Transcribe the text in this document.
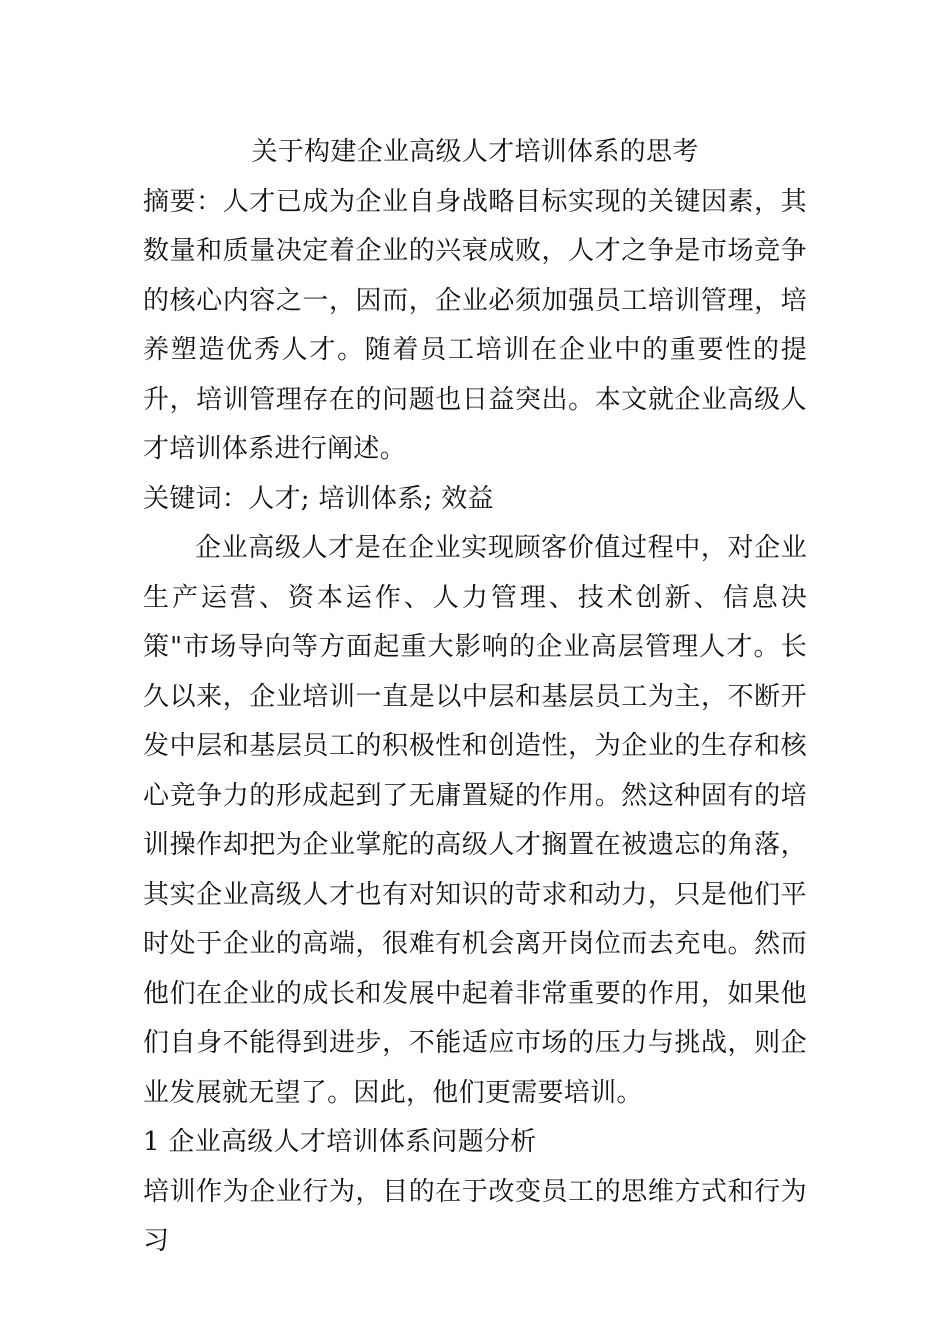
关于构建企业高级人才培训体系的思考

摘要：人才已成为企业自身战略目标实现的关键因素，其数量和质量决定着企业的兴衰成败，人才之争是市场竞争的核心内容之一，因而，企业必须加强员工培训管理，培养塑造优秀人才。随着员工培训在企业中的重要性的提升，培训管理存在的问题也日益突出。本文就企业高级人才培训体系进行阐述。

关键词：人才; 培训体系; 效益

企业高级人才是在企业实现顾客价值过程中，对企业生产运营、资本运作、人力管理、技术创新、信息决策"市场导向等方面起重大影响的企业高层管理人才。长久以来，企业培训一直是以中层和基层员工为主，不断开发中层和基层员工的积极性和创造性，为企业的生存和核心竞争力的形成起到了无庸置疑的作用。然这种固有的培训操作却把为企业掌舵的高级人才搁置在被遗忘的角落，其实企业高级人才也有对知识的苛求和动力，只是他们平时处于企业的高端，很难有机会离开岗位而去充电。然而他们在企业的成长和发展中起着非常重要的作用，如果他们自身不能得到进步，不能适应市场的压力与挑战，则企业发展就无望了。因此，他们更需要培训。

1 企业高级人才培训体系问题分析

培训作为企业行为，目的在于改变员工的思维方式和行为习
